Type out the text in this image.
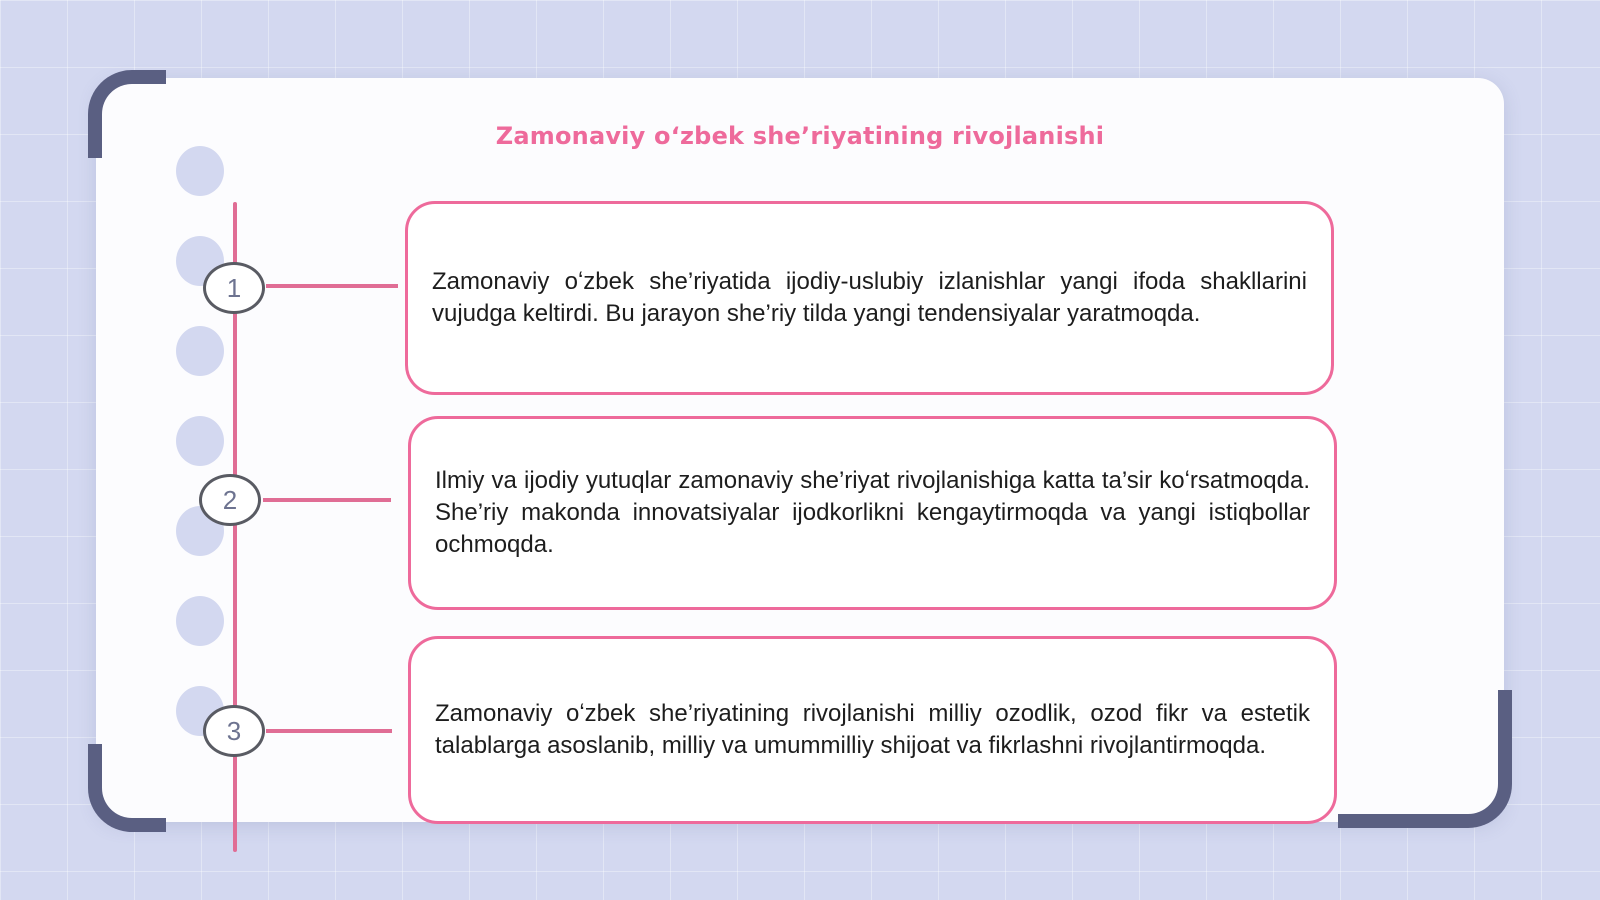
Zamonaviy oʻzbek sheʼriyatining rivojlanishi
1	Zamonaviy oʻzbek she’riyatida ijodiy-uslubiy izlanishlar yangi ifoda shakllarini vujudga keltirdi. Bu jarayon she’riy tilda yangi tendensiyalar yaratmoqda.

2

Ilmiy va ijodiy yutuqlar zamonaviy she’riyat rivojlanishiga katta ta’sir koʻrsatmoqda. She’riy makonda innovatsiyalar ijodkorlikni kengaytirmoqda va yangi istiqbollar ochmoqda.

3

Zamonaviy oʻzbek she’riyatining rivojlanishi milliy ozodlik, ozod fikr va estetik talablarga asoslanib, milliy va umummilliy shijoat va fikrlashni rivojlantirmoqda.
